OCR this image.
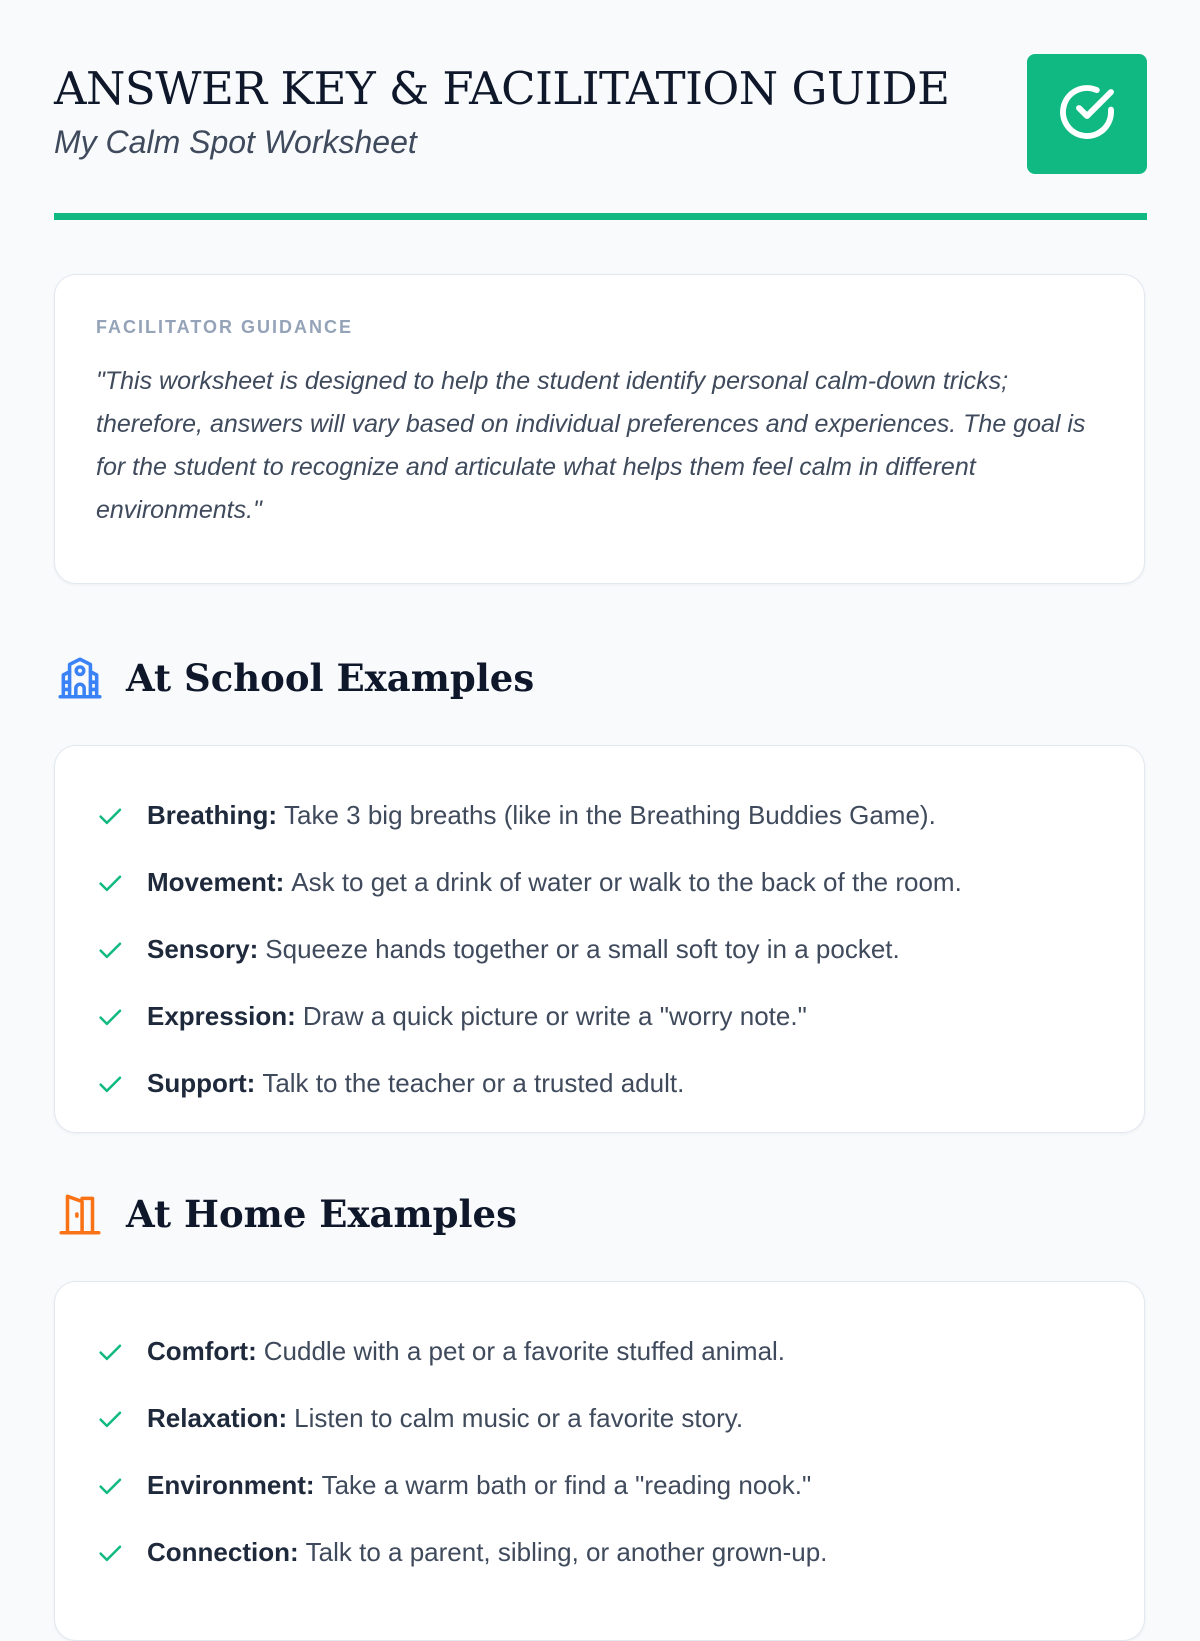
ANSWER KEY & FACILITATION GUIDE

My Calm Spot Worksheet

FACILITATOR GUIDANCE

"This worksheet is designed to help the student identify personal calm-down tricks; therefore, answers will vary based on individual preferences and experiences. The goal is for the student to recognize and articulate what helps them feel calm in different environments."

At School Examples
Breathing: Take 3 big breaths (like in the Breathing Buddies Game).
Movement: Ask to get a drink of water or walk to the back of the room.
Sensory: Squeeze hands together or a small soft toy in a pocket.
Expression: Draw a quick picture or write a "worry note."
Support: Talk to the teacher or a trusted adult.
At Home Examples
Comfort: Cuddle with a pet or a favorite stuffed animal.
Relaxation: Listen to calm music or a favorite story.
Environment: Take a warm bath or find a "reading nook."
Connection: Talk to a parent, sibling, or another grown-up.
